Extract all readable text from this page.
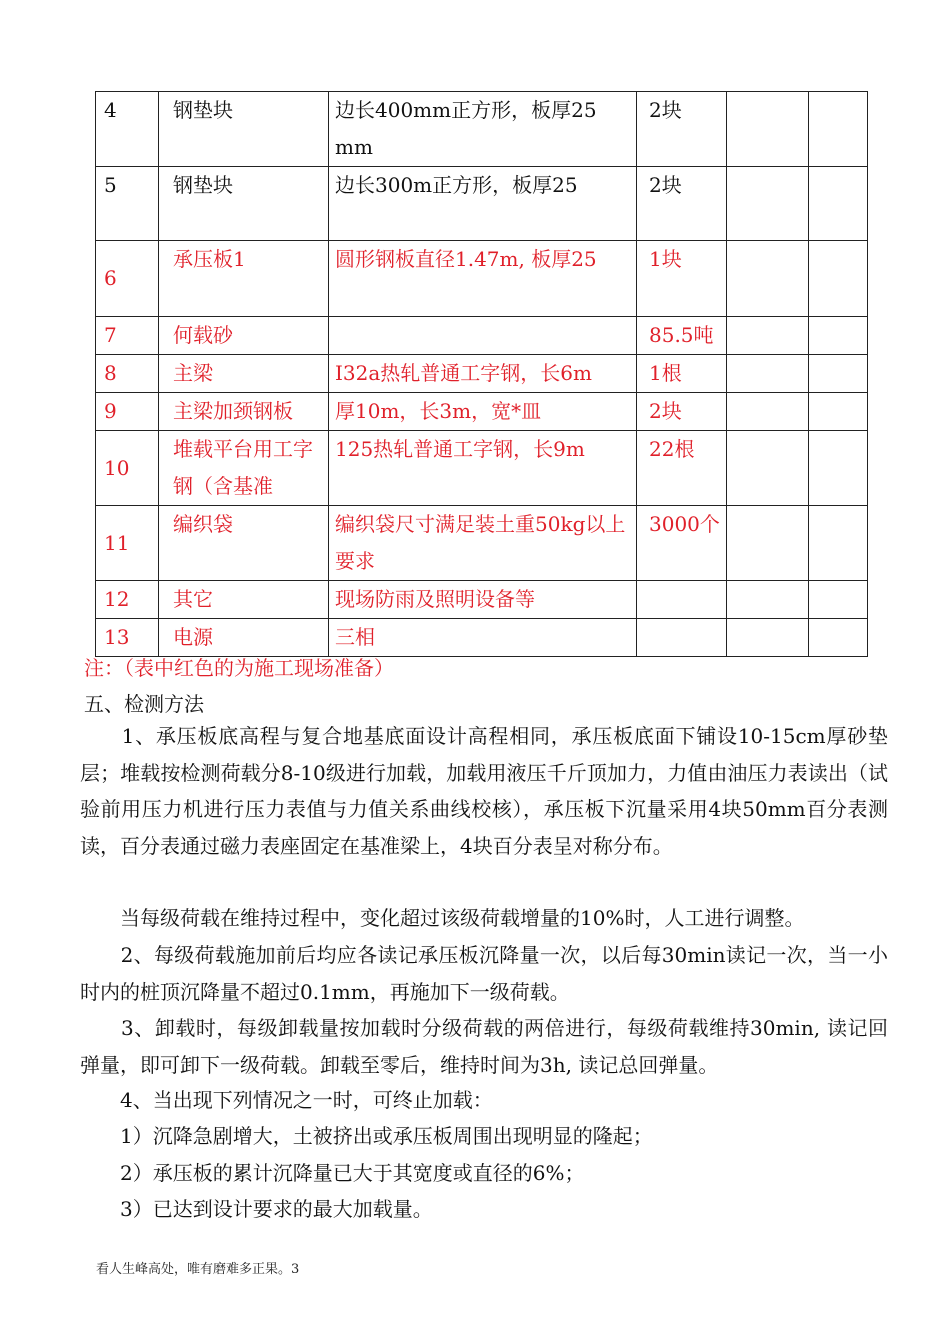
4	钢垫块	边长400mm正方形，板厚25 mm	2块		
5	钢垫块	边长300m正方形，板厚25	2块		
6	承压板1	圆形钢板直径1.47m, 板厚25	1块		
7	何载砂		85.5吨		
8	主梁	I32a热轧普通工字钢，长6m	1根		
9	主梁加颈钢板	厚10m，长3m，宽*皿	2块		
10	堆载平台用工字钢（含基准	125热轧普通工字钢，长9m	22根		
11	编织袋	编织袋尺寸满足装土重50kg以上要求	3000个		
12	其它	现场防雨及照明设备等			
13	电源	三相			
注：（表中红色的为施工现场准备）
五、检测方法
　　1、承压板底高程与复合地基底面设计高程相同，承压板底面下铺设10-15cm厚砂垫层；堆载按检测荷载分8-10级进行加载，加载用液压千斤顶加力，力值由油压力表读出（试验前用压力机进行压力表值与力值关系曲线校核），承压板下沉量采用4块50mm百分表测读，百分表通过磁力表座固定在基准梁上，4块百分表呈对称分布。
　　当每级荷载在维持过程中，变化超过该级荷载增量的10%时，人工进行调整。
　　2、每级荷载施加前后均应各读记承压板沉降量一次，以后每30min读记一次，当一小时内的桩顶沉降量不超过0.1mm，再施加下一级荷载。
　　3、卸载时，每级卸载量按加载时分级荷载的两倍进行，每级荷载维持30min, 读记回弹量，即可卸下一级荷载。卸载至零后，维持时间为3h, 读记总回弹量。
　　4、当出现下列情况之一时，可终止加载：
　　1）沉降急剧增大，土被挤出或承压板周围出现明显的隆起；
　　2）承压板的累计沉降量已大于其宽度或直径的6%；
　　3）已达到设计要求的最大加载量。
看人生峰高处，唯有磨难多正果。3
